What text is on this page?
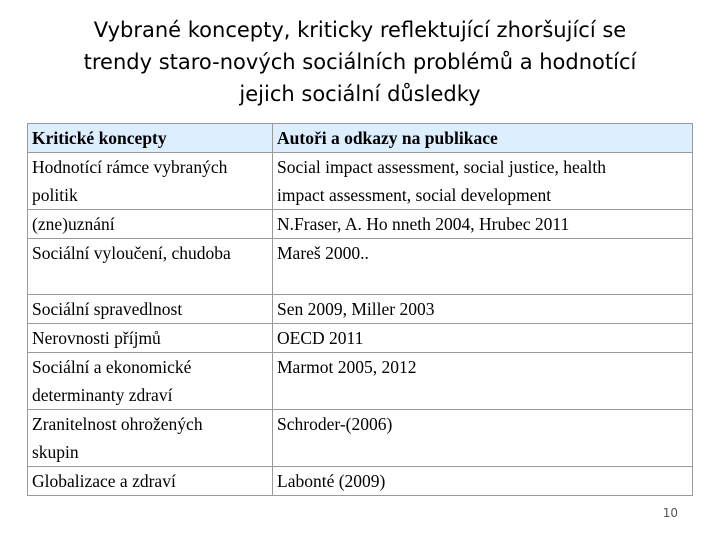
Vybrané koncepty, kriticky reflektující zhoršující se
trendy staro-nových sociálních problémů a hodnotící
jejich sociální důsledky
Kritické koncepty	Autoři a odkazy na publikace

Hodnotící rámce vybraných
politik	Social impact assessment, social justice, health
impact assessment, social development

(zne)uznání	N.Fraser, A. Ho nneth 2004, Hrubec 2011

Sociální vyloučení, chudoba	Mareš 2000..

Sociální spravedlnost	Sen 2009, Miller 2003

Nerovnosti příjmů	OECD 2011

Sociální a ekonomické
determinanty zdraví	Marmot 2005, 2012

Zranitelnost ohrožených
skupin	Schroder-(2006)

Globalizace a zdraví	Labonté (2009)
10
